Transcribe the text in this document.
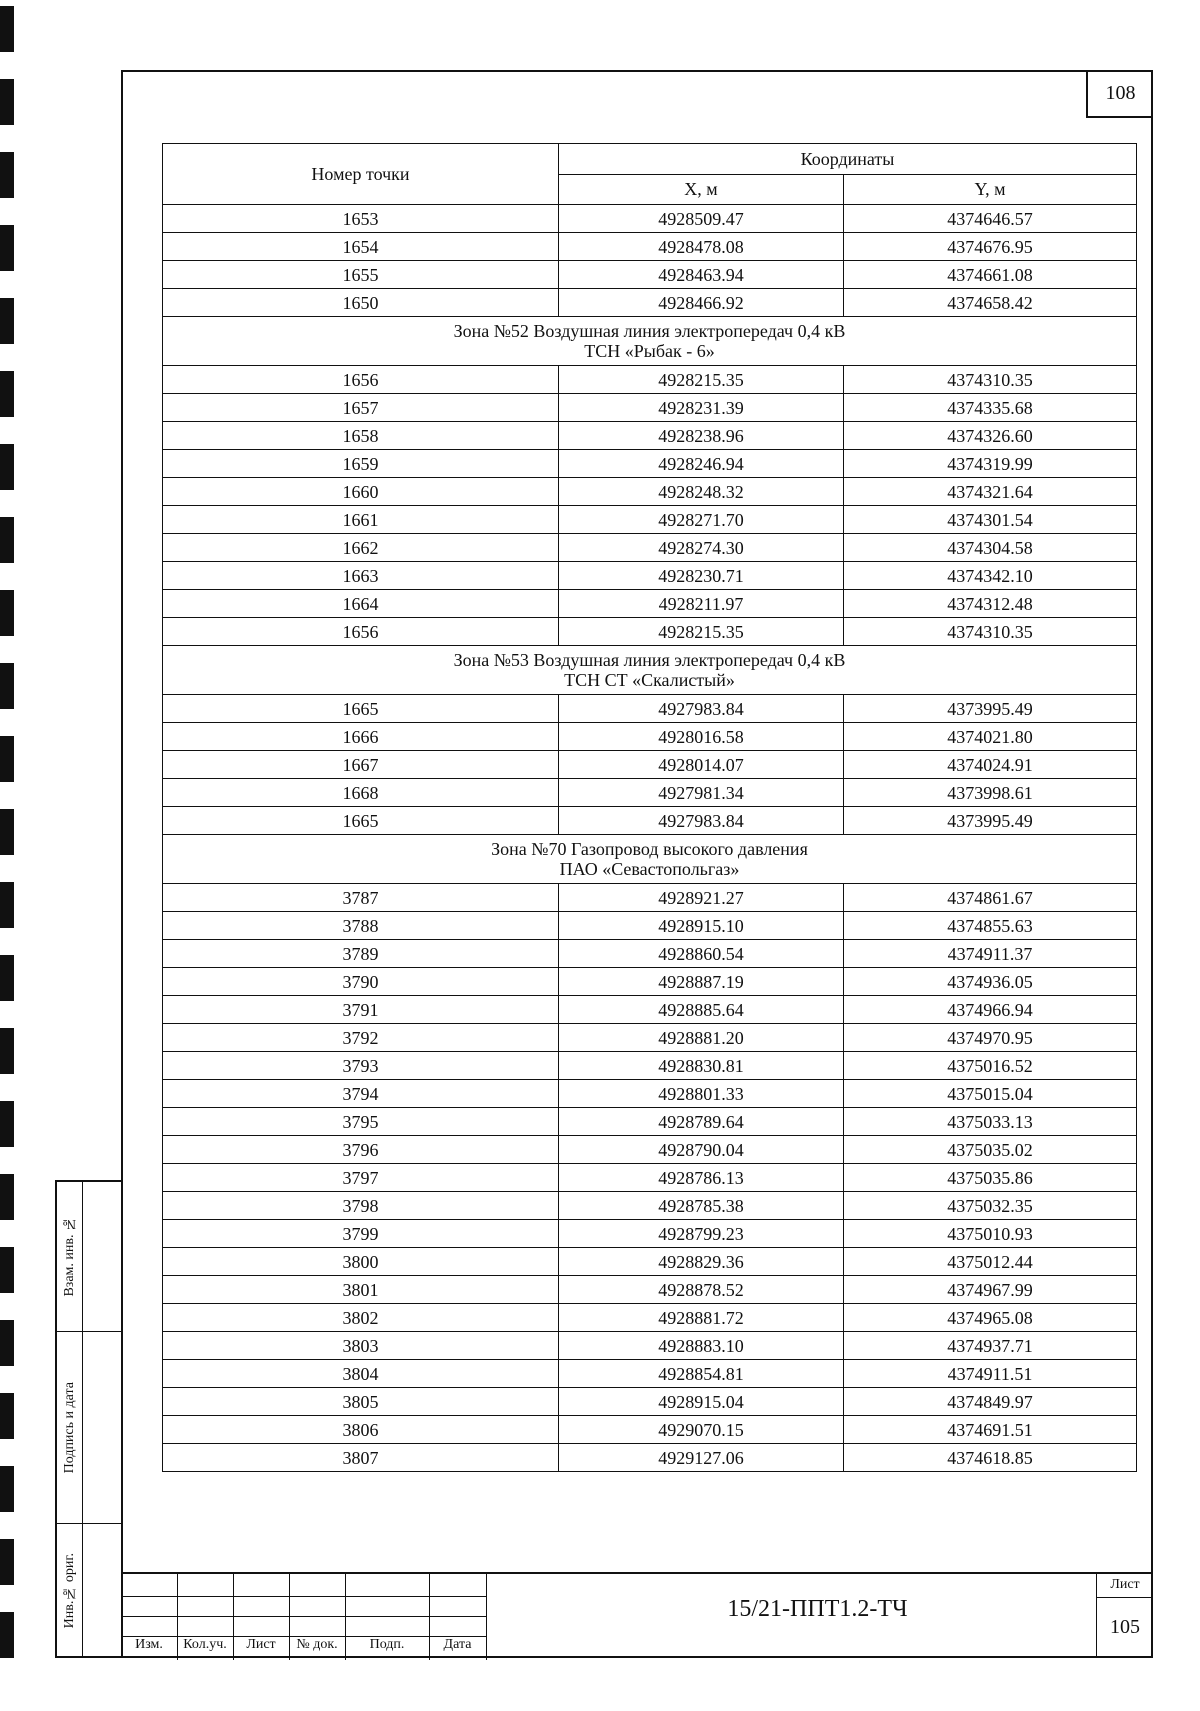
108
Номер точки	Координаты	
	X, м	Y, м
1653	4928509.47	4374646.57
1654	4928478.08	4374676.95
1655	4928463.94	4374661.08
1650	4928466.92	4374658.42

Зона №52 Воздушная линия электропередач 0,4 кВ
ТСН «Рыбак - 6»		

1656	4928215.35	4374310.35
1657	4928231.39	4374335.68
1658	4928238.96	4374326.60
1659	4928246.94	4374319.99
1660	4928248.32	4374321.64
1661	4928271.70	4374301.54
1662	4928274.30	4374304.58
1663	4928230.71	4374342.10
1664	4928211.97	4374312.48
1656	4928215.35	4374310.35

Зона №53 Воздушная линия электропередач 0,4 кВ
ТСН СТ «Скалистый»		

1665	4927983.84	4373995.49
1666	4928016.58	4374021.80
1667	4928014.07	4374024.91
1668	4927981.34	4373998.61
1665	4927983.84	4373995.49

Зона №70 Газопровод высокого давления
ПАО «Севастопольгаз»		

3787	4928921.27	4374861.67
3788	4928915.10	4374855.63
3789	4928860.54	4374911.37
3790	4928887.19	4374936.05
3791	4928885.64	4374966.94
3792	4928881.20	4374970.95
3793	4928830.81	4375016.52
3794	4928801.33	4375015.04
3795	4928789.64	4375033.13
3796	4928790.04	4375035.02
3797	4928786.13	4375035.86
3798	4928785.38	4375032.35
3799	4928799.23	4375010.93
3800	4928829.36	4375012.44
3801	4928878.52	4374967.99
3802	4928881.72	4374965.08
3803	4928883.10	4374937.71
3804	4928854.81	4374911.51
3805	4928915.04	4374849.97
3806	4929070.15	4374691.51
3807	4929127.06	4374618.85
Взам. инв. №
Подпись и дата
Инв.№ ориг.
Изм.	Кол.уч.	Лист	№ док.	Подп.	Дата
15/21-ППТ1.2-ТЧ
Лист
105
